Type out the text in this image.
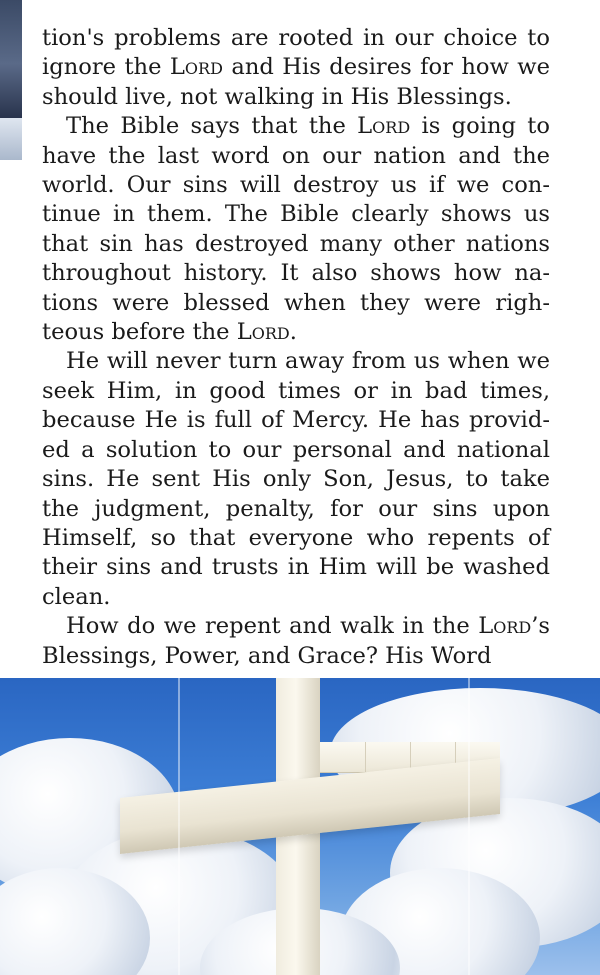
tion's problems are rooted in our choice to ignore the Lord and His desires for how we should live, not walking in His Blessings.

The Bible says that the Lord is going to have the last word on our nation and the world. Our sins will destroy us if we con- tinue in them. The Bible clearly shows us that sin has destroyed many other nations throughout history. It also shows how na- tions were blessed when they were righ- teous before the Lord.

He will never turn away from us when we seek Him, in good times or in bad times, because He is full of Mercy. He has provid- ed a solution to our personal and national sins. He sent His only Son, Jesus, to take the judgment, penalty, for our sins upon Himself, so that everyone who repents of their sins and trusts in Him will be washed clean.

How do we repent and walk in the Lord’s Blessings, Power, and Grace? His Word
